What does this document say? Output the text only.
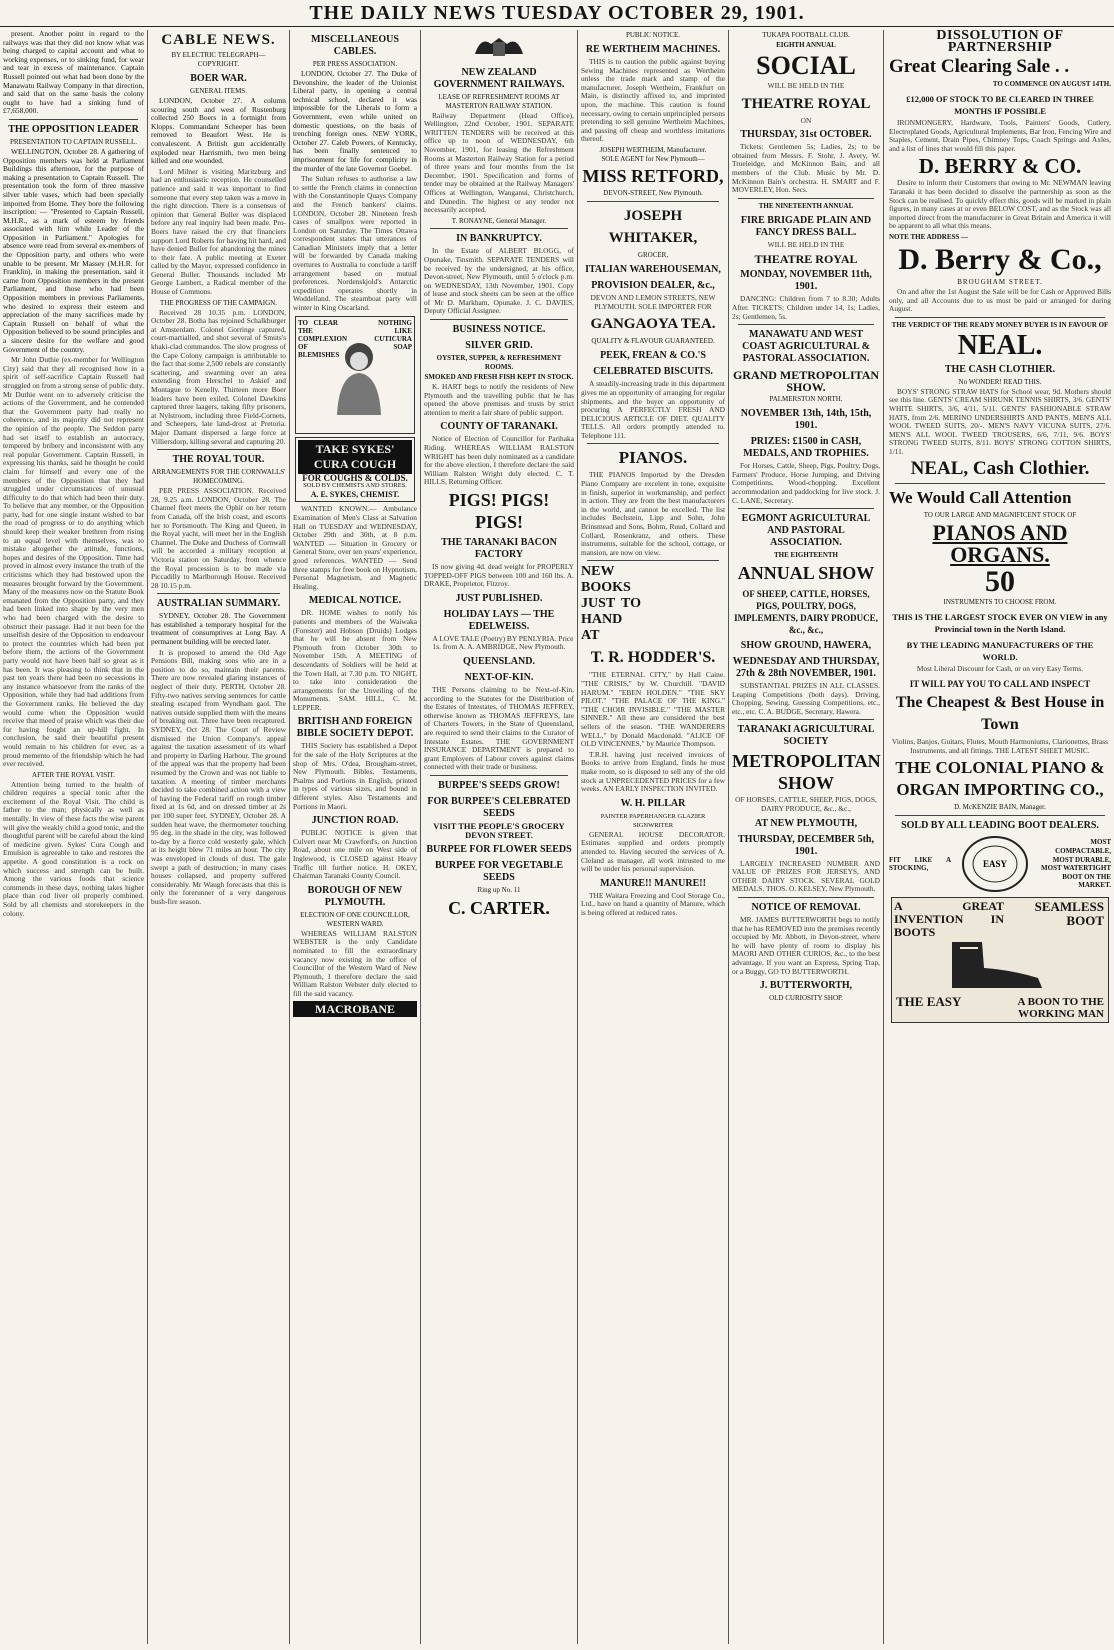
THE DAILY NEWS TUESDAY OCTOBER 29, 1901.

present. Another point in regard to the railways was that they did not know what was being charged to capital account and what to working expenses, or to sinking fund, for wear and tear in excess of maintenance. Captain Russell pointed out what had been done by the Manawatu Railway Company in that direction, and said that on the same basis the colony ought to have had a sinking fund of £7,658,000.

THE OPPOSITION LEADER
PRESENTATION TO CAPTAIN RUSSELL.

WELLINGTON, October 28. A gathering of Opposition members was held at Parliament Buildings this afternoon, for the purpose of making a presentation to Captain Russell. The presentation took the form of three massive silver table vases, which had been specially imported from Home. They bore the following inscription: — "Presented to Captain Russell, M.H.R., as a mark of esteem by friends associated with him while Leader of the Opposition in Parliament." Apologies for absence were read from several ex-members of the Opposition party, and others who were unable to be present. Mr Massey (M.H.R. for Franklin), in making the presentation, said it came from Opposition members in the present Parliament, and those who had been Opposition members in previous Parliaments, who desired to express their esteem and appreciation of the many sacrifices made by Captain Russell on behalf of what the Opposition believed to be sound principles and a sincere desire for the welfare and good Government of the country.

Mr John Duthie (ex-member for Wellington City) said that they all recognised how in a spirit of self-sacrifice Captain Russell had struggled on from a strong sense of public duty. Mr Duthie went on to adversely criticise the actions of the Government, and he contended that the Government party had really no coherence, and its majority did not represent the opinion of the people. The Seddon party had set itself to establish an autocracy, tempered by bribery and inconsistent with any real popular Government. Captain Russell, in expressing his thanks, said he thought he could claim for himself and every one of the members of the Opposition that they had struggled under circumstances of unusual difficulty to do that which had been their duty. To believe that any member, or the Opposition party, had for one single instant wished to bar the road of progress or to do anything which should keep their weaker brethren from rising to an equal level with themselves, was to mistake altogether the attitude, functions, hopes and desires of the Opposition. Time had proved in almost every instance the truth of the criticisms which they had bestowed upon the measures brought forward by the Government. Many of the measures now on the Statute Book emanated from the Opposition party, and they had been linked into shape by the very men who had been charged with the desire to obstruct their passage. Had it not been for the unselfish desire of the Opposition to endeavour to protect the countries which had been put before them, the actions of the Government party would not have been half so great as it has been. It was pleasing to think that in the past ten years there had been no secessions in any instance whatsoever from the ranks of the Opposition, while they had had additions from the Government ranks. He believed the day would come when the Opposition would receive that meed of praise which was their due for having fought an up-hill fight. In conclusion, he said their beautiful present would remain to his children for ever, as a proud memento of the friendship which he had ever received.

AFTER THE ROYAL VISIT.

Attention being turned to the health of children requires a special tonic after the excitement of the Royal Visit. The child is father to the man; physically as well as mentally. In view of these facts the wise parent will give the weakly child a good tonic, and the thoughtful parent will be careful about the kind of medicine given. Sykes' Cura Cough and Emulsion is agreeable to take and restores the appetite. A good constitution is a rock on which success and strength can be built. Among the various foods that science commends in these days, nothing takes higher place than cod liver oil properly combined. Sold by all chemists and storekeepers in the colony.

CABLE NEWS.
BY ELECTRIC TELEGRAPH—COPYRIGHT.
BOER WAR.
GENERAL ITEMS.

LONDON, October 27. A column scouring south and west of Rustenburg collected 250 Boers in a fortnight from Klopps. Commandant Scheeper has been removed to Beaufort West. He is convalescent. A British gun accidentally exploded near Harrismith, two men being killed and one wounded.

Lord Milner is visiting Maritzburg and had an enthusiastic reception. He counselled patience and said it was important to find someone that every step taken was a move in the right direction. There is a consensus of opinion that General Buller was displaced before any real inquiry had been made. Pro-Boers have raised the cry that financiers support Lord Roberts for having hit hard, and have denied Buller for abandoning the mines to their fate. A public meeting at Exeter called by the Mayor, expressed confidence in General Buller. Thousands included Mr George Lambert, a Radical member of the House of Commons.

THE PROGRESS OF THE CAMPAIGN.

Received 28 10.35 p.m. LONDON, October 28. Botha has rejoined Schalkburger at Amsterdam. Colonel Gorringe captured, court-martialled, and shot several of Smuts's khaki-clad commandos. The slow progress of the Cape Colony campaign is attributable to the fact that some 2,500 rebels are constantly scattering, and swarming over an area extending from Herschel to Askief and Montague to Kenelly. Thirteen more Boer leaders have been exiled. Colonel Dawkins captured three laagers, taking fifty prisoners, at Nylstroom, including three Field-Cornets, and Scheepers, late land-drost at Pretoria. Major Damant dispersed a large force at Villiersdorp, killing several and capturing 20.

THE ROYAL TOUR.
ARRANGEMENTS FOR THE CORNWALLS' HOMECOMING.

PER PRESS ASSOCIATION. Received 28, 9.25 a.m. LONDON, October 28. The Channel fleet meets the Ophir on her return from Canada, off the Irish coast, and escorts her to Portsmouth. The King and Queen, in the Royal yacht, will meet her in the English Channel. The Duke and Duchess of Cornwall will be accorded a military reception at Victoria station on Saturday, from whence the Royal procession is to be made via Piccadilly to Marlborough House. Received 28 10.15 p.m.

AUSTRALIAN SUMMARY.

SYDNEY, October 28. The Government has established a temporary hospital for the treatment of consumptives at Long Bay. A permanent building will be erected later.

It is proposed to amend the Old Age Pensions Bill, making sons who are in a position to do so, maintain their parents. There are now revealed glaring instances of neglect of their duty. PERTH, October 28. Fifty-two natives serving sentences for cattle stealing escaped from Wyndham gaol. The natives outside supplied them with the means of breaking out. Three have been recaptured. SYDNEY, Oct 28. The Court of Review dismissed the Union Company's appeal against the taxation assessment of its wharf and property in Darling Harbour. The ground of the appeal was that the property had been resumed by the Crown and was not liable to taxation. A meeting of timber merchants decided to take combined action with a view of having the Federal tariff on rough timber fixed at 1s 6d, and on dressed timber at 2s per 100 super feet. SYDNEY, October 28. A sudden heat wave, the thermometer touching 95 deg. in the shade in the city, was followed to-day by a fierce cold westerly gale, which at its height blew 71 miles an hour. The city was enveloped in clouds of dust. The gale swept a path of destruction; in many cases houses collapsed, and property suffered considerably. Mr Waugh forecasts that this is only the forerunner of a very dangerous bush-fire season.

MISCELLANEOUS CABLES.
PER PRESS ASSOCIATION.

LONDON, October 27. The Duke of Devonshire, the leader of the Unionist Liberal party, in opening a central technical school, declared it was impossible for the Liberals to form a Government, even while united on domestic questions, on the basis of trenching foreign ones. NEW YORK, October 27. Caleb Powers, of Kentucky, has been finally sentenced to imprisonment for life for complicity in the murder of the late Governor Goebel.

The Sultan refuses to authorise a law to settle the French claims in connection with the Constantinople Quays Company and the French bankers' claims. LONDON, October 28. Nineteen fresh cases of smallpox were reported in London on Saturday. The Times Ottawa correspondent states that utterances of Canadian Ministers imply that a letter will be forwarded by Canada making overtures to Australia to conclude a tariff arrangement based on mutual preferences. Nordenskjold's Antarctic expedition operates shortly in Woddelland. The steamboat party will winter in King Oscarland.

TO CLEAR THE COMPLEXION OF BLEMISHES
NOTHING LIKE CUTICURA SOAP
TAKE SYKES' CURA COUGH
FOR COUGHS & COLDS.
SOLD BY CHEMISTS AND STORES.
A. E. SYKES, CHEMIST.

WANTED KNOWN.— Ambulance Examination of Men's Class at Salvation Hall on TUESDAY and WEDNESDAY, October 29th and 30th, at 8 p.m. WANTED — Situation in Grocery or General Store, over ten years' experience, good references. WANTED — Send three stamps for free book on Hypnotism, Personal Magnetism, and Magnetic Healing.

MEDICAL NOTICE.

DR. HOME wishes to notify his patients and members of the Waiwaka (Forester) and Hobson (Druids) Lodges that he will be absent from New Plymouth from October 30th to November 15th. A MEETING of descendants of Soldiers will be held at the Town Hall, at 7.30 p.m. TO NIGHT, to take into consideration the arrangements for the Unveiling of the Monuments. SAM. HILL, C. M. LEPPER.

BRITISH AND FOREIGN BIBLE SOCIETY DEPOT.

THIS Society has established a Depot for the sale of the Holy Scriptures at the shop of Mrs. O'dea, Brougham-street, New Plymouth. Bibles, Testaments, Psalms and Portions in English, printed in types of various sizes, and bound in different styles. Also Testaments and Portions in Maori.

JUNCTION ROAD.

PUBLIC NOTICE is given that Culvert near Mr Crawford's, on Junction Road, about one mile on West side of Inglewood, is CLOSED against Heavy Traffic till further notice. H. OKEY, Chairman Taranaki County Council.

BOROUGH OF NEW PLYMOUTH.
ELECTION OF ONE COUNCILLOR, WESTERN WARD.

WHEREAS WILLIAM RALSTON WEBSTER is the only Candidate nominated to fill the extraordinary vacancy now existing in the office of Councillor of the Western Ward of New Plymouth, I therefore declare the said William Ralston Webster duly elected to fill the said vacancy.

MACROBANE
NEW ZEALAND GOVERNMENT RAILWAYS.
LEASE OF REFRESHMENT ROOMS AT MASTERTON RAILWAY STATION.

Railway Department (Head Office), Wellington, 22nd October, 1901. SEPARATE WRITTEN TENDERS will be received at this office up to noon of WEDNESDAY, 6th November, 1901, for leasing the Refreshment Rooms at Masterton Railway Station for a period of three years and four months from the 1st December, 1901. Specification and forms of tender may be obtained at the Railway Managers' Offices at Wellington, Wanganui, Christchurch, and Dunedin. The highest or any tender not necessarily accepted.

T. RONAYNE, General Manager.
IN BANKRUPTCY.

In the Estate of ALBERT BLOGG, of Opunake, Tinsmith. SEPARATE TENDERS will be received by the undersigned, at his office, Devon-street, New Plymouth, until 5 o'clock p.m. on WEDNESDAY, 13th November, 1901. Copy of lease and stock sheets can be seen at the office of Mr D. Markham, Opunake. J. C. DAVIES, Deputy Official Assignee.

BUSINESS NOTICE.
SILVER GRID.
OYSTER, SUPPER, & REFRESHMENT ROOMS.
SMOKED AND FRESH FISH KEPT IN STOCK.

K. HART begs to notify the residents of New Plymouth and the travelling public that he has opened the above premises and trusts by strict attention to merit a fair share of public support.

COUNTY OF TARANAKI.

Notice of Election of Councillor for Parihaka Riding. WHEREAS WILLIAM RALSTON WRIGHT has been duly nominated as a candidate for the above election, I therefore declare the said William Ralston Wright duly elected. C. T. HILLS, Returning Officer.

PIGS! PIGS! PIGS!
THE TARANAKI BACON FACTORY

IS now giving 4d. dead weight for PROPERLY TOPPED-OFF PIGS between 100 and 160 lbs. A. DRAKE, Proprietor, Fitzroy.

JUST PUBLISHED.
HOLIDAY LAYS — THE EDELWEISS.

A LOVE TALE (Poetry) BY PENLYRIA. Price 1s. from A. A. AMBRIDGE, New Plymouth.

QUEENSLAND.
NEXT-OF-KIN.

THE Persons claiming to be Next-of-Kin, according to the Statutes for the Distribution of the Estates of Intestates, of THOMAS JEFFREY, otherwise known as THOMAS JEFFREYS, late of Charters Towers, in the State of Queensland, are required to send their claims to the Curator of Intestate Estates. THE GOVERNMENT INSURANCE DEPARTMENT is prepared to grant Employers of Labour covers against claims connected with their trade or business.

BURPEE'S SEEDS GROW!
FOR BURPEE'S CELEBRATED SEEDS
VISIT THE PEOPLE'S GROCERY DEVON STREET.
BURPEE FOR FLOWER SEEDS
BURPEE FOR VEGETABLE SEEDS
Ring up No. 11
C. CARTER.
PUBLIC NOTICE.
RE WERTHEIM MACHINES.

THIS is to caution the public against buying Sewing Machines represented as Wertheim unless the trade mark and stamp of the manufacturer, Joseph Wertheim, Frankfurt on Main, is distinctly affixed to, and imprinted upon, the machine. This caution is found necessary, owing to certain unprincipled persons pretending to sell genuine Wertheim Machines, and passing off cheap and worthless imitations thereof.

JOSEPH WERTHEIM, Manufacturer.
SOLE AGENT for New Plymouth—
MISS RETFORD,
DEVON-STREET, New Plymouth.
JOSEPH WHITAKER,
GROCER,
ITALIAN WAREHOUSEMAN,
PROVISION DEALER, &c.,

DEVON AND LEMON STREETS, NEW PLYMOUTH. SOLE IMPORTER FOR

GANGAOYA TEA.
QUALITY & FLAVOUR GUARANTEED.
PEEK, FREAN & CO.'S
CELEBRATED BISCUITS.

A steadily-increasing trade in this department gives me an opportunity of arranging for regular shipments, and the buyer an opportunity of procuring A PERFECTLY FRESH AND DELICIOUS ARTICLE OF DIET. QUALITY TELLS. All orders promptly attended to. Telephone 111.

PIANOS.

THE PIANOS Imported by the Dresden Piano Company are excelent in tone, exquisite in finish, superior in workmanship, and perfect in action. They are from the best manufacturers in the world, and cannot be excelled. The list includes Bechstein, Lipp and Sohn, John Brinsmead and Sons, Bohm, Ruud, Collard and Collard, Rosenkranz, and others. These instruments, suitable for the school, cottage, or mansion, are now on view.

NEW BOOKS JUST TO HAND AT
T. R. HODDER'S.

"THE ETERNAL CITY," by Hall Caine. "THE CRISIS," by W. Churchill. "DAVID HARUM." "EBEN HOLDEN." "THE SKY PILOT." "THE PALACE OF THE KING." "THE CHOIR INVISIBLE." "THE MASTER SINNER." All these are considered the best sellers of the season. "THE WANDERERS WELL," by Donald Macdonald. "ALICE OF OLD VINCENNES," by Maurice Thompson.

T.R.H. having just received invoices of Books to arrive from England, finds he must make room, so is disposed to sell any of the old stock at UNPRECEDENTED PRICES for a few weeks. AN EARLY INSPECTION INVITED.

W. H. PILLAR
PAINTER PAPERHANGER GLAZIER SIGNWRITER

GENERAL HOUSE DECORATOR. Estimates supplied and orders promptly attended to. Having secured the services of A. Cleland as manager, all work intrusted to me will be under his personal supervision.

MANURE!! MANURE!!

THE Waitara Freezing and Cool Storage Co., Ltd., have on hand a quantity of Manure, which is being offered at reduced rates.

TUKAPA FOOTBALL CLUB.
EIGHTH ANNUAL
SOCIAL

WILL BE HELD IN THE

THEATRE ROYAL

ON

THURSDAY, 31st OCTOBER.

Tickets: Gentlemen 5s; Ladies, 2s; to be obtained from Messrs. F. Stohr, J. Avery, W. Trueleidge, and McKinnon Bain, and all members of the Club. Music by Mr. D. McKinnon Bain's orchestra. H. SMART and F. MOVERLEY, Hon. Secs.

THE NINETEENTH ANNUAL
FIRE BRIGADE PLAIN AND FANCY DRESS BALL.

WILL BE HELD IN THE

THEATRE ROYAL
MONDAY, NOVEMBER 11th, 1901.

DANCING: Children from 7 to 8.30; Adults After. TICKETS: Children under 14, 1s; Ladies, 2s; Gentlemen, 5s.

MANAWATU AND WEST COAST AGRICULTURAL & PASTORAL ASSOCIATION.
GRAND METROPOLITAN SHOW.
PALMERSTON NORTH.
NOVEMBER 13th, 14th, 15th, 1901.
PRIZES: £1500 in CASH, MEDALS, AND TROPHIES.

For Horses, Cattle, Sheep, Pigs, Poultry, Dogs, Farmers' Produce, Horse Jumping, and Driving Competitions, Wood-chopping. Excellent accommodation and paddocking for live stock. J. C. LANE, Secretary.

EGMONT AGRICULTURAL AND PASTORAL ASSOCIATION.
THE EIGHTEENTH
ANNUAL SHOW
OF SHEEP, CATTLE, HORSES, PIGS, POULTRY, DOGS, IMPLEMENTS, DAIRY PRODUCE, &c., &c.,
SHOW GROUND, HAWERA,
WEDNESDAY AND THURSDAY, 27th & 28th NOVEMBER, 1901.

SUBSTANTIAL PRIZES IN ALL CLASSES. Leaping Competitions (both days). Driving, Chopping, Sewing, Guessing Competitions, etc., etc., etc. C. A. BUDGE, Secretary, Hawera.

TARANAKI AGRICULTURAL SOCIETY
METROPOLITAN SHOW

OF HORSES, CATTLE, SHEEP, PIGS, DOGS, DAIRY PRODUCE, &c., &c.,

AT NEW PLYMOUTH,
THURSDAY, DECEMBER 5th, 1901.

LARGELY INCREASED NUMBER AND VALUE OF PRIZES FOR JERSEYS, AND OTHER DAIRY STOCK. SEVERAL GOLD MEDALS. THOS. O. KELSEY, New Plymouth.

NOTICE OF REMOVAL

MR. JAMES BUTTERWORTH begs to notify that he has REMOVED into the premises recently occupied by Mr. Abbott, in Devon-street, where he will have plenty of room to display his MAORI AND OTHER CURIOS, &c., to the best advantage. If you want an Express, Spring Trap, or a Buggy, GO TO BUTTERWORTH.

J. BUTTERWORTH,
OLD CURIOSITY SHOP.
DISSOLUTION OF PARTNERSHIP
Great Clearing Sale . .
TO COMMENCE ON AUGUST 14TH.
£12,000 OF STOCK TO BE CLEARED IN THREE MONTHS IF POSSIBLE

IRONMONGERY, Hardware, Tools, Painters' Goods, Cutlery, Electroplated Goods, Agricultural Implements, Bar Iron, Fencing Wire and Staples, Cement, Drain Pipes, Chimney Tops, Coach Springs and Axles, and a list of lines that would fill this paper.

D. BERRY & CO.

Desire to inform their Customers that owing to Mr. NEWMAN leaving Taranaki it has been decided to dissolve the partnership as soon as the Stock can be realised. To quickly effect this, goods will be marked in plain figures, in many cases at or even BELOW COST, and as the Stock was all imported direct from the manufacturer in Great Britain and America it will be apparent to all what this means.

NOTE THE ADDRESS —
D. Berry & Co.,
BROUGHAM STREET.

On and after the 1st August the Sale will be for Cash or Approved Bills only, and all Accounts due to us must be paid or arranged for during August.

THE VERDICT OF THE READY MONEY BUYER IS IN FAVOUR OF
NEAL.
THE CASH CLOTHIER.
No WONDER! READ THIS.

BOYS' STRONG STRAW HATS for School wear, 9d. Mothers should see this line. GENTS' CREAM SHRUNK TENNIS SHIRTS, 3/6. GENTS' WHITE SHIRTS, 3/6, 4/11, 5/11. GENTS' FASHIONABLE STRAW HATS, from 2/6. MERINO UNDERSHIRTS AND PANTS. MEN'S ALL WOOL TWEED SUITS, 20/-. MEN'S NAVY VICUNA SUITS, 27/6. MEN'S ALL WOOL TWEED TROUSERS, 6/6, 7/11, 9/6. BOYS' STRONG TWEED SUITS, 8/11. BOYS' STRONG COTTON SHIRTS, 1/11.

NEAL, Cash Clothier.
We Would Call Attention
TO OUR LARGE AND MAGNIFICENT STOCK OF
PIANOS AND ORGANS.
50
INSTRUMENTS TO CHOOSE FROM.
THIS IS THE LARGEST STOCK EVER ON VIEW in any Provincial town in the North Island.
BY THE LEADING MANUFACTURERS OF THE WORLD.

Most Liberal Discount for Cash, or on very Easy Terms.

IT WILL PAY YOU TO CALL AND INSPECT
The Cheapest & Best House in Town

Violins, Banjos, Guitars, Flutes, Mouth Harmoniums, Clarionettes, Brass Instruments, and all fittings. THE LATEST SHEET MUSIC.

THE COLONIAL PIANO & ORGAN IMPORTING CO.,
D. McKENZIE BAIN, Manager.
SOLD BY ALL LEADING BOOT DEALERS.
FIT LIKE A STOCKING,	EASY
MOST COMPACTABLE, MOST DURABLE, MOST WATERTIGHT BOOT ON THE MARKET.
A GREAT INVENTION IN BOOTS
SEAMLESS BOOT
THE EASY	A BOON TO THE WORKING MAN
